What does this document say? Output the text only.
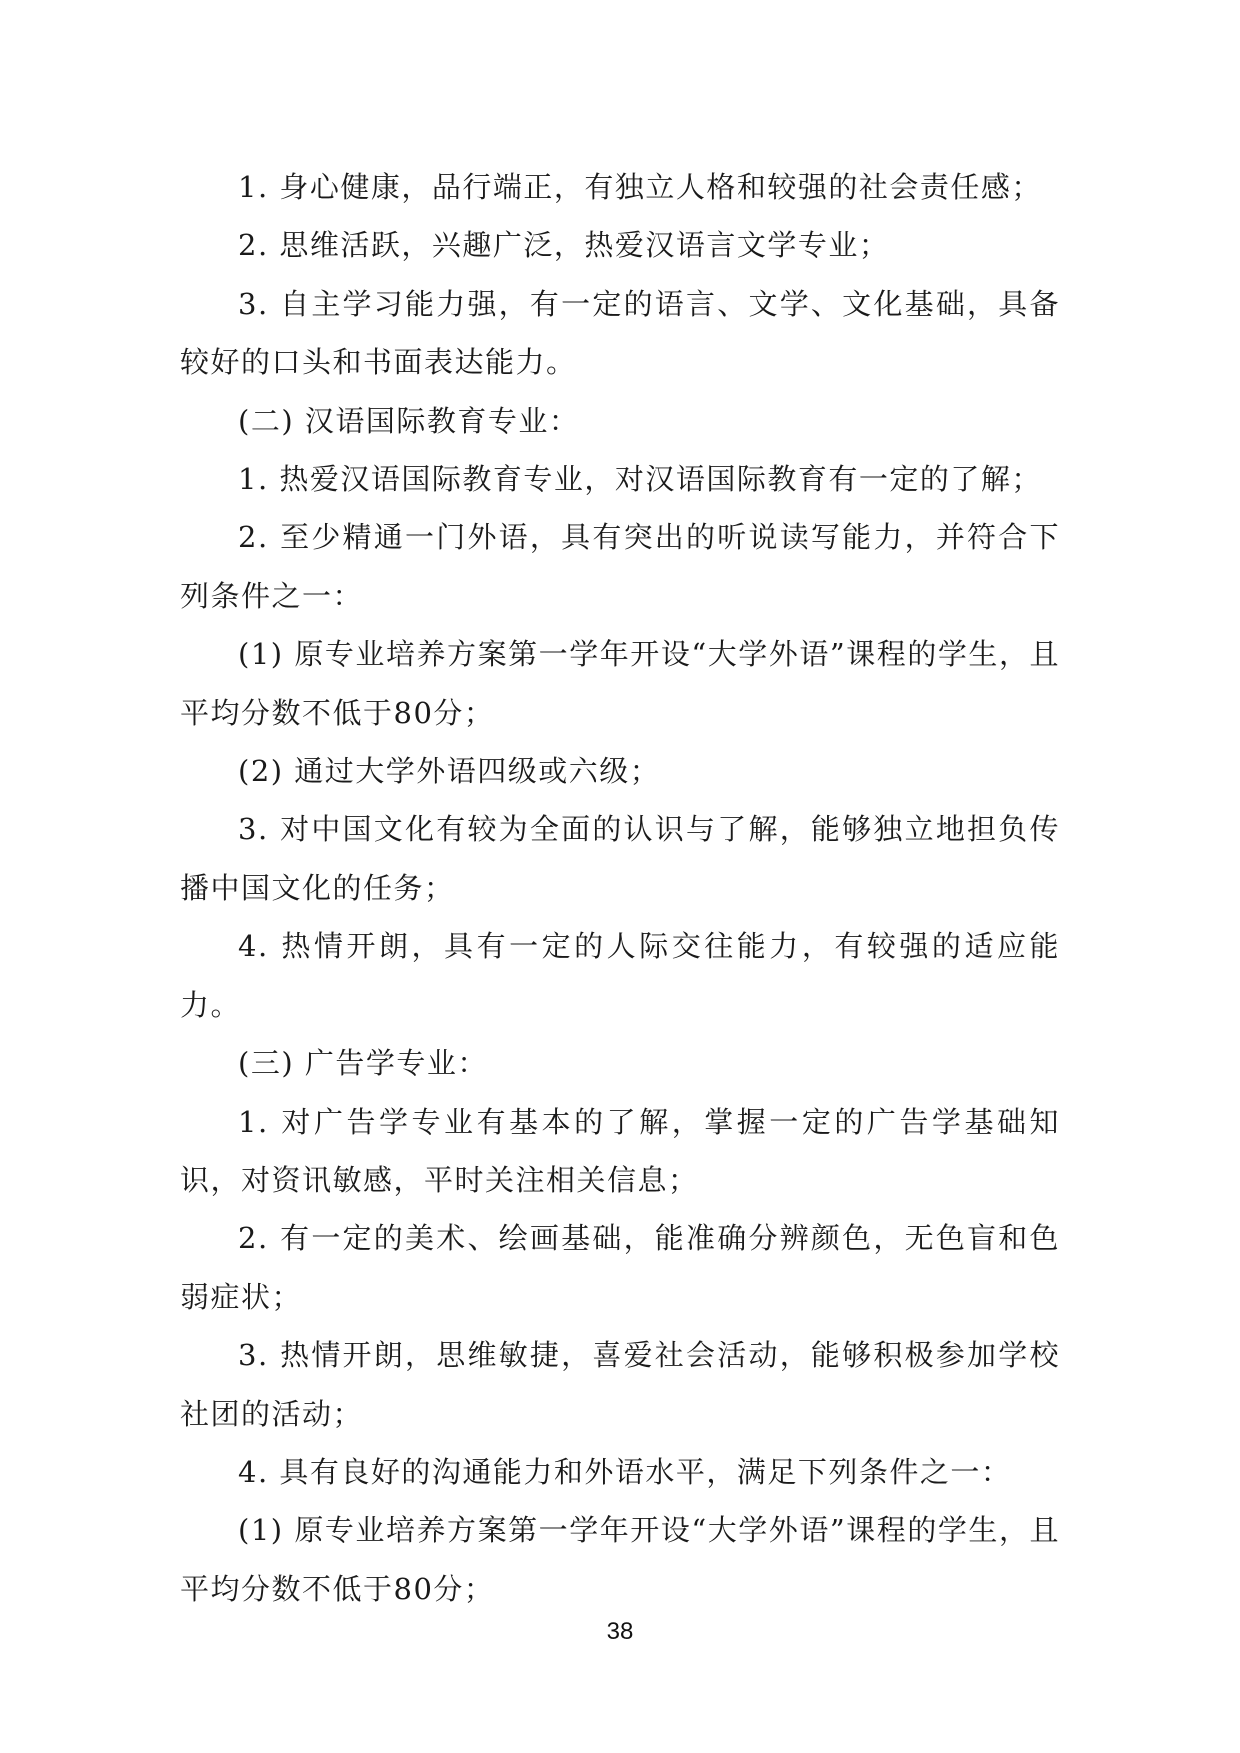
1. 身心健康，品行端正，有独立人格和较强的社会责任感；

2. 思维活跃，兴趣广泛，热爱汉语言文学专业；

3. 自主学习能力强，有一定的语言、文学、文化基础，具备较好的口头和书面表达能力。

(二) 汉语国际教育专业：

1. 热爱汉语国际教育专业，对汉语国际教育有一定的了解；

2. 至少精通一门外语，具有突出的听说读写能力，并符合下列条件之一：

(1) 原专业培养方案第一学年开设“大学外语”课程的学生，且平均分数不低于80分；

(2) 通过大学外语四级或六级；

3. 对中国文化有较为全面的认识与了解，能够独立地担负传播中国文化的任务；

4. 热情开朗，具有一定的人际交往能力，有较强的适应能力。

(三) 广告学专业：

1. 对广告学专业有基本的了解，掌握一定的广告学基础知识，对资讯敏感，平时关注相关信息；

2. 有一定的美术、绘画基础，能准确分辨颜色，无色盲和色弱症状；

3. 热情开朗，思维敏捷，喜爱社会活动，能够积极参加学校社团的活动；

4. 具有良好的沟通能力和外语水平，满足下列条件之一：

(1) 原专业培养方案第一学年开设“大学外语”课程的学生，且平均分数不低于80分；

38
